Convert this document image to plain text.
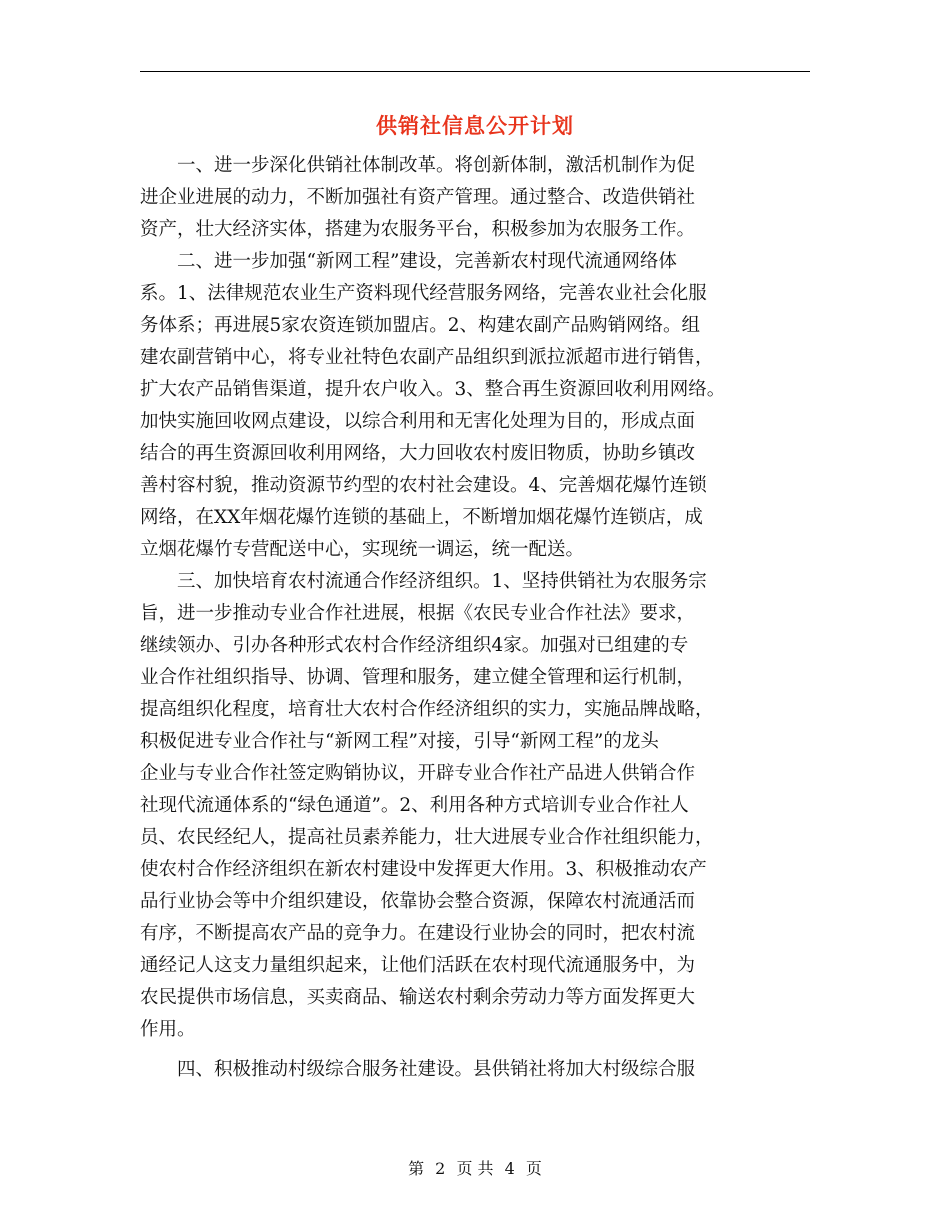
供销社信息公开计划
　　一、进一步深化供销社体制改革。将创新体制，激活机制作为促
进企业进展的动力，不断加强社有资产管理。通过整合、改造供销社
资产，壮大经济实体，搭建为农服务平台，积极参加为农服务工作。
　　二、进一步加强“新网工程”建设，完善新农村现代流通网络体
系。1、法律规范农业生产资料现代经营服务网络，完善农业社会化服
务体系；再进展5家农资连锁加盟店。2、构建农副产品购销网络。组
建农副营销中心，将专业社特色农副产品组织到派拉派超市进行销售，
扩大农产品销售渠道，提升农户收入。3、整合再生资源回收利用网络。
加快实施回收网点建设，以综合利用和无害化处理为目的，形成点面
结合的再生资源回收利用网络，大力回收农村废旧物质，协助乡镇改
善村容村貌，推动资源节约型的农村社会建设。4、完善烟花爆竹连锁
网络，在XX年烟花爆竹连锁的基础上，不断增加烟花爆竹连锁店，成
立烟花爆竹专营配送中心，实现统一调运，统一配送。
　　三、加快培育农村流通合作经济组织。1、坚持供销社为农服务宗
旨，进一步推动专业合作社进展，根据《农民专业合作社法》要求，
继续领办、引办各种形式农村合作经济组织4家。加强对已组建的专
业合作社组织指导、协调、管理和服务，建立健全管理和运行机制，
提高组织化程度，培育壮大农村合作经济组织的实力，实施品牌战略，
积极促进专业合作社与“新网工程”对接，引导“新网工程”的龙头
企业与专业合作社签定购销协议，开辟专业合作社产品进人供销合作
社现代流通体系的“绿色通道”。2、利用各种方式培训专业合作社人
员、农民经纪人，提高社员素养能力，壮大进展专业合作社组织能力，
使农村合作经济组织在新农村建设中发挥更大作用。3、积极推动农产
品行业协会等中介组织建设，依靠协会整合资源，保障农村流通活而
有序，不断提高农产品的竞争力。在建设行业协会的同时，把农村流
通经记人这支力量组织起来，让他们活跃在农村现代流通服务中，为
农民提供市场信息，买卖商品、输送农村剩余劳动力等方面发挥更大
作用。
　　四、积极推动村级综合服务社建设。县供销社将加大村级综合服
第 2 页 共 4 页
